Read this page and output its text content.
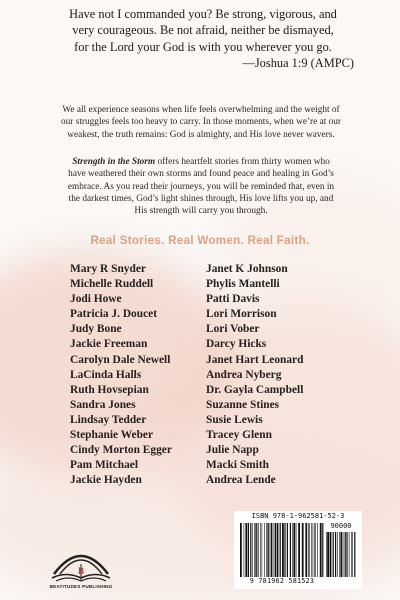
Have not I commanded you? Be strong, vigorous, and
very courageous. Be not afraid, neither be dismayed,
for the Lord your God is with you wherever you go.
—Joshua 1:9 (AMPC)
We all experience seasons when life feels overwhelming and the weight of
our struggles feels too heavy to carry. In those moments, when we’re at our
weakest, the truth remains: God is almighty, and His love never wavers.
Strength in the Storm offers heartfelt stories from thirty women who
have weathered their own storms and found peace and healing in God’s
embrace. As you read their journeys, you will be reminded that, even in
the darkest times, God’s light shines through, His love lifts you up, and
His strength will carry you through.
Real Stories. Real Women. Real Faith.
Mary R Snyder
Michelle Ruddell
Jodi Howe
Patricia J. Doucet
Judy Bone
Jackie Freeman
Carolyn Dale Newell
LaCinda Halls
Ruth Hovsepian
Sandra Jones
Lindsay Tedder
Stephanie Weber
Cindy Morton Egger
Pam Mitchael
Jackie Hayden
Janet K Johnson
Phylis Mantelli
Patti Davis
Lori Morrison
Lori Vober
Darcy Hicks
Janet Hart Leonard
Andrea Nyberg
Dr. Gayla Campbell
Suzanne Stines
Susie Lewis
Tracey Glenn
Julie Napp
Macki Smith
Andrea Lende
ISBN 978-1-962581-52-3
90000
9 781962 581523
B
BEATITUDES PUBLISHING
